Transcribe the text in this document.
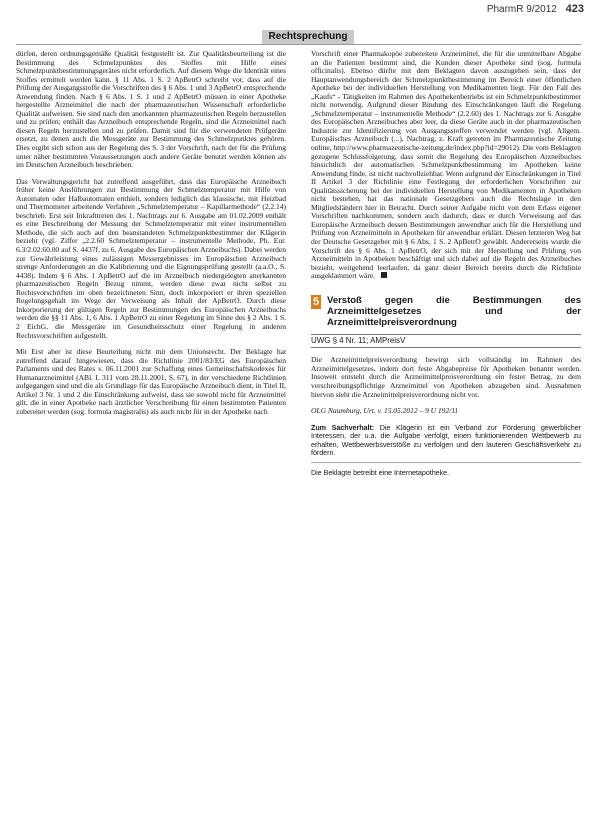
PharmR 9/2012 423
Rechtsprechung

dürfen, deren ordnungsgemäße Qualität festgestellt ist. Zur Qualitätsbeurteilung ist die Bestimmung des Schmelzpunktes des Stoffes mit Hilfe eines Schmelzpunktbestimmungsgerätes nicht erforderlich. Auf diesem Wege die Identität eines Stoffes ermittelt werden kann. § 11 Abs. 1 S. 2 ApBetrO schreibt vor, dass auf die Prüfung der Ausgangsstoffe die Vorschriften des § 6 Abs. 1 und 3 ApBetrO entsprechende Anwendung finden. Nach § 6 Abs. 1 S. 1 und 2 ApBetrO müssen in einer Apotheke hergestellte Arzneimittel die nach der pharmazeutischen Wissenschaft erforderliche Qualität aufweisen. Sie sind nach den anerkannten pharmazeutischen Regeln herzustellen und zu prüfen; enthält das Arzneibuch entsprechende Regeln, sind die Arzneimittel nach diesen Regeln herzustellen und zu prüfen. Damit sind für die verwendeten Prüfgeräte ersetzt, zu denen auch die Messgeräte zur Bestimmung des Schmelzpunktes gehören. Dies ergibt sich schon aus der Regelung des S. 3 der Vorschrift, nach der für die Prüfung unter näher bestimmten Voraussetzungen auch andere Geräte benutzt werden können als im Deutschen Arzneibuch beschrieben.

Das Verwaltungsgericht hat zutreffend ausgeführt, dass das Europäische Arzneibuch früher keine Ausführungen zur Bestimmung der Schmelztemperatur mit Hilfe von Automaten oder Halbautomaten enthielt, sondern lediglich das klassische, mit Heizbad und Thermometer arbeitende Verfahren „Schmelztemperatur – Kapillarmethode“ (2.2.14) beschrieb. Erst seit Inkrafttreten des 1. Nachtrags zur 6. Ausgabe am 01.02.2009 enthält es eine Beschreibung der Messung der Schmelztemperatur mit einer instrumentellen Methode, die sich auch auf den beanstandeten Schmelzpunktbestimmer der Klägerin bezieht (vgl. Ziffer „2.2.60 Schmelztemperatur – instrumentelle Methode, Ph. Eur. 6.3/2.02.60.00 auf S. 4437f. zu 6. Ausgabe des Europäischen Arzneibuchs). Dabei werden zur Gewährleistung eines zulässigen Messergebnisses im Europäischen Arzneibuch strenge Anforderungen an die Kalibrierung und die Eignungsprüfung gestellt (a.a.O., S. 4438). Indem § 6 Abs. 1 ApBetrO auf die im Arzneibuch niedergelegten anerkannten pharmazeutischen Regeln Bezug nimmt, werden diese zwar nicht selbst zu Rechtsvorschriften im oben bezeichneten Sinn, doch inkorporiert er ihren speziellen Regelungsgehalt im Wege der Verweisung als Inhalt der ApBetrO. Durch diese Inkorporierung der gültigen Regeln zur Bestimmungen des Europäischen Arzneibuchs werden die §§ 11 Abs. 1, 6 Abs. 1 ApBetrO zu einer Regelung im Sinne des § 2 Abs. 1 S. 2 EichG, die Messgeräte im Gesundheitsschutz einer Regelung in anderen Rechtsvorschriften aufgestellt.

Mit Erst aber ist diese Beurteilung nicht mit dem Unionsrecht. Der Beklagte hat zutreffend darauf hingewiesen, dass die Richtlinie 2001/83/EG des Europäischen Parlaments und des Rates v. 06.11.2001 zur Schaffung eines Gemeinschaftskodexes für Humanarzneimittel (ABl. L 311 vom 28.11.2001, S. 67), in der verschiedene Richtlinien aufgegangen sind und die als Grundlage für das Europäische Arzneibuch dient, in Titel II, Artikel 3 Nr. 1 und 2 die Einschränkung aufweist, dass sie sowohl nicht für Arzneimittel gilt, die in einer Apotheke nach ärztlicher Verschreibung für einen bestimmten Patienten zubereitet werden (sog. formula magistralis) als auch nicht für in der Apotheke nach

Vorschrift einer Pharmakopöe zubereitete Arzneimittel, die für die unmittelbare Abgabe an die Patienten bestimmt sind, die Kunden dieser Apotheke sind (sog. formula officinalis). Ebenso dürfte mit dem Beklagten davon auszugehen sein, dass der Hauptanwendungsbereich der Schmelzpunktbestimmung im Bereich einer öffentlichen Apotheke bei der individuellen Herstellung von Medikamenten liegt. Für den Fall des „Kaufs“ - Tätigkeiten im Rahmen des Apothekenbetriebs ist ein Schmelzpunktbestimmer nicht notwendig. Aufgrund dieser Bindung des Einschränkungen läuft die Regelung „Schmelztemperatur – instrumentelle Methode“ (2.2.60) des 1. Nachtrags zur 6. Ausgabe des Europäischen Arzneibuches aber leer, da diese Geräte auch in der pharmazeutischen Industrie zur Identifizierung von Ausgangsstoffen verwendet werden (vgl. Allgem. Europäisches Arzneibuch (...), Nachtrag, z. Kraft getreten im Pharmazeutische Zeitung online, http://www.pharmazeutische-zeitung.de/index.php?id=29012). Die vom Beklagten gezogene Schlussfolgerung, dass somit die Regelung des Europäischen Arzneibuches hinsichtlich der automatischen Schmelzpunktbestimmung im Apotheken keine Anwendung finde, ist nicht nachvollziehbar. Wenn aufgrund der Einschränkungen in Titel II Artikel 3 der Richtlinie eine Festlegung der erforderlichen Vorschriften zur Qualitätssicherung bei der individuellen Herstellung von Medikamenten in Apotheken nicht bestehen, hat das nationale Gesetzgebers auch die Rechtslage in den Mitgliedsländern hier in Betracht. Durch seiner Aufgabe nicht von dem Erlass eigener Vorschriften nachkommen, sondern auch dadurch, dass er durch Verweisung auf das Europäische Arzneibuch dessen Bestimmungen anwendbar auch für die Herstellung und Prüfung von Arzneimitteln in Apotheken für anwendbar erklärt. Diesen letzteren Weg hat der Deutsche Gesetzgeber mit § 6 Abs. 1 S. 2 ApBetrO gewählt. Andererseits wurde die Vorschrift des § 6 Abs. 1 ApBetrO, der sich mit der Herstellung und Prüfung von Arzneimitteln in Apotheken beschäftigt und sich dabei auf die Regeln des Arzneibuches bezieht, weitgehend leerlaufen, da ganz dieser Bereich bereits durch die Richtlinie ausgeklammert wäre.

5 Verstoß gegen die Bestimmungen des Arzneimittelgesetzes und der Arzneimittelpreisverordnung
UWG § 4 Nr. 11; AMPreisV

Die Arzneimittelpreisverordnung bewirgt sich vollständig im Rahmen des Arzneimittelgesetzes, indem dort feste Abgabepreise für Apotheken benannt werden. Insoweit entsteht durch die Arzneimittelpreisverordnung ein fester Betrag, zu dem verschreibungspflichtige Arzneimittel von Apotheken abzugeben sind. Ausnahmen hiervon sieht die Arzneimittelpreisverordnung nicht vor.

OLG Naumburg, Urt. v. 15.05.2012 – 9 U 192/11
Zum Sachverhalt: Die Klägerin ist ein Verband zur Förderung gewerblicher Interessen, der u.a. die Aufgabe verfolgt, einen funktionierenden Wettbewerb zu erhalten, Wettbewerbsverstöße zu verfolgen und den lauteren Geschäftsverkehr zu fördern.
Die Beklagte betreibt eine Internetapotheke.
